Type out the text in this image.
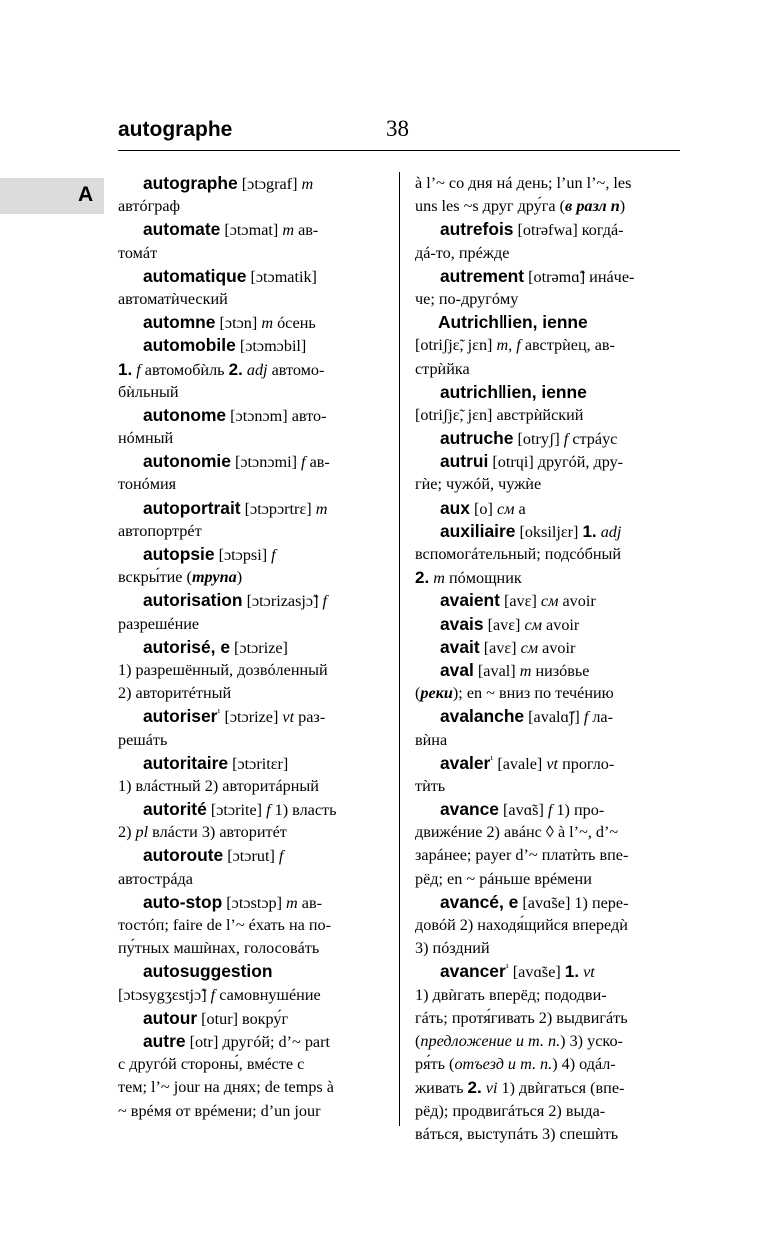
autographe	38
A	autographe [ɔtɔgraf] m
автóграф
automate [ɔtɔmat] m ав-
томáт
automatique [ɔtɔmatik]
автоматѝческий
automne [ɔtɔn] m óсень
automobile [ɔtɔmɔbil]
1. f автомобѝль 2. adj автомо-
бѝльный
autonome [ɔtɔnɔm] авто-
нóмный
autonomie [ɔtɔnɔmi] f ав-
тонóмия
autoportrait [ɔtɔpɔrtrɛ] m
автопортрéт
autopsie [ɔtɔpsi] f
вскры́тие (трупа)
autorisation [ɔtɔrizasjɔ̃] f
разрешéние
autorisé, e [ɔtɔrize]
1) разрешённый, дозвóленный
2) авторитéтный
autoriser$^{^1}$ [ɔtɔrize] vt раз-
решáть
autoritaire [ɔtɔritɛr]
1) влáстный 2) авторитáрный
autorité [ɔtɔrite] f 1) власть
2) pl влáсти 3) авторитéт
autoroute [ɔtɔrut] f
автострáда
auto-stop [ɔtɔstɔp] m ав-
тостóп; faire de l’~ éхать на по-
пу́тных машѝнах, голосовáть
autosuggestion
[ɔtɔsygʒɛstjɔ̃] f самовнушéние
autour [otur] вокру́г
autre [otr] другóй; d’~ part
с другóй стороны́, вмéсте с
тем; l’~ jour на днях; de temps à
~ врéмя от врéмени; d’un jour
à l’~ со дня нá день; l’un l’~, les
uns les ~s друг дру́га (в разл п)
autrefois [otrəfwa] когдá-
дá-то, прéжде
autrement [otrəmɑ̃] инáче-
че; по-другóму
Autrich‖ien, ienne
[otriʃjɛ̃, jɛn] m, f австрѝец, ав-
стрѝйка
autrich‖ien, ienne
[otriʃjɛ̃, jɛn] австрѝйский
autruche [otryʃ] f стрáус
autrui [otrɥi] другóй, дру-
гѝе; чужóй, чужѝе
aux [o] см a
auxiliaire [oksiljɛr] 1. adj
вспомогáтельный; подсóбный
2. m пóмощник
avaient [avɛ] см avoir
avais [avɛ] см avoir
avait [avɛ] см avoir
aval [aval] m низóвье
(реки); en ~ вниз по течéнию
avalanche [avalɑ̃ʃ] f ла-
вѝна
avaler$^{^1}$ [avale] vt проглo-
тѝть
avance [avɑ̃s] f 1) про-
движéние 2) авáнс ◊ à l’~, d’~
зарáнее; payer d’~ платѝть впе-
рёд; en ~ рáньше врéмени
avancé, e [avɑ̃se] 1) пере-
довóй 2) находя́щийся впередѝ
3) пóздний
avancer$^{^1}$ [avɑ̃se] 1. vt
1) двѝгать вперёд; пододви-
гáть; протя́гивать 2) выдвигáть
(предложение и т. п.) 3) уско-
ря́ть (отъезд и т. п.) 4) одáл-
живать 2. vi 1) двѝгаться (впе-
рёд); продвигáться 2) выда-
вáться, выступáть 3) спешѝть
